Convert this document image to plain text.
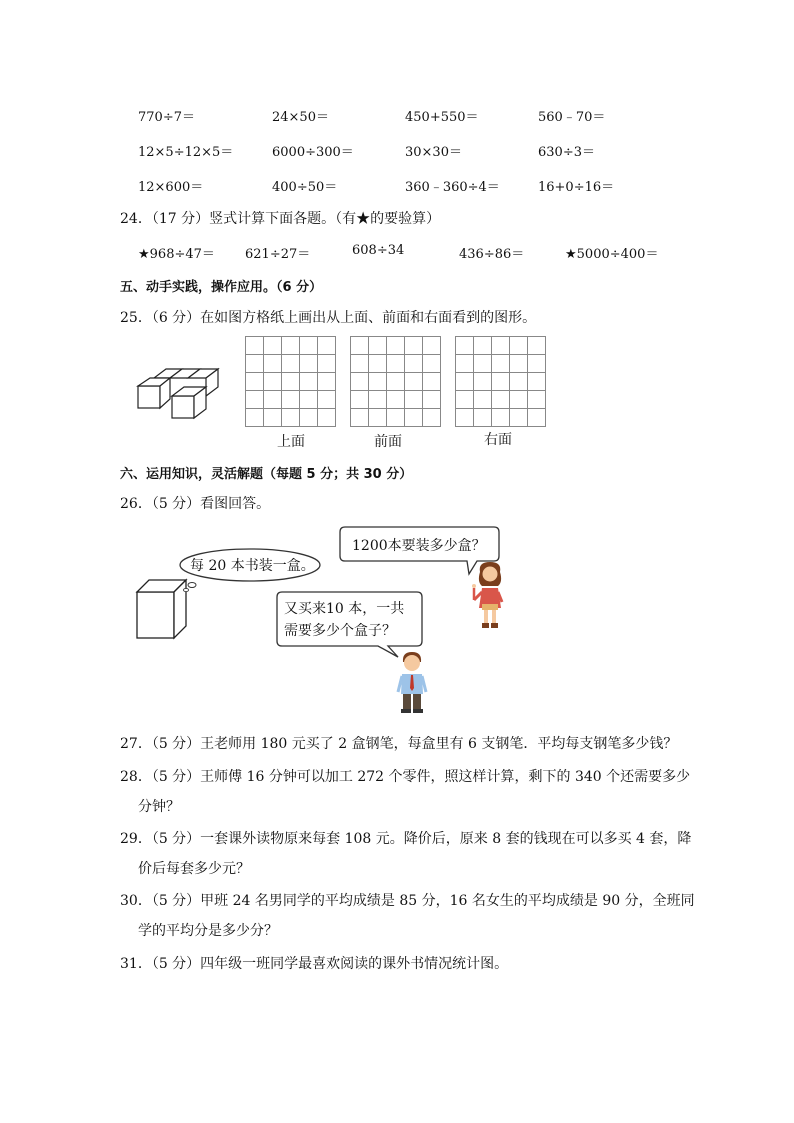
770÷7＝	24×50＝	450+550＝	560﹣70＝
12×5÷12×5＝	6000÷300＝	30×30＝	630÷3＝
12×600＝	400÷50＝	360﹣360÷4＝	16+0÷16＝
24．（17 分）竖式计算下面各题。（有★的要验算）
★968÷47＝ 621÷27＝	608÷34	436÷86＝	★5000÷400＝
五、动手实践，操作应用。（6 分）
25．（6 分）在如图方格纸上画出从上面、前面和右面看到的图形。
上面	前面	右面
六、运用知识，灵活解题（每题 5 分；共 30 分）
26．（5 分）看图回答。
每 20 本书装一盒。
1200本要装多少盒？
又买来10 本，一共
需要多少个盒子？
27．（5 分）王老师用 180 元买了 2 盒钢笔，每盒里有 6 支钢笔．平均每支钢笔多少钱？
28．（5 分）王师傅 16 分钟可以加工 272 个零件，照这样计算，剩下的 340 个还需要多少
分钟？
29．（5 分）一套课外读物原来每套 108 元。降价后，原来 8 套的钱现在可以多买 4 套，降
价后每套多少元？
30．（5 分）甲班 24 名男同学的平均成绩是 85 分，16 名女生的平均成绩是 90 分，全班同
学的平均分是多少分？
31．（5 分）四年级一班同学最喜欢阅读的课外书情况统计图。
